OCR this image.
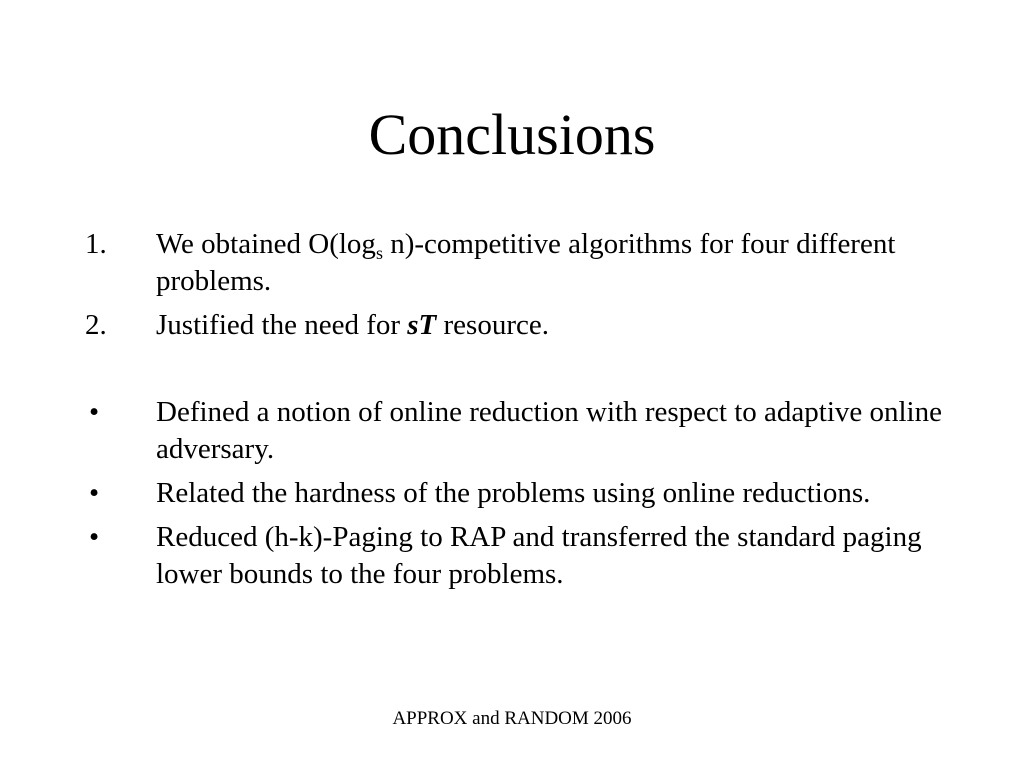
Conclusions
1. We obtained $O(\log_s$ n)-competitive algorithms for four different problems.
2. Justified the need for sT resource.
• Defined a notion of online reduction with respect to adaptive online adversary.
• Related the hardness of the problems using online reductions.
• Reduced (h-k)-Paging to RAP and transferred the standard paging lower bounds to the four problems.
APPROX and RANDOM 2006
